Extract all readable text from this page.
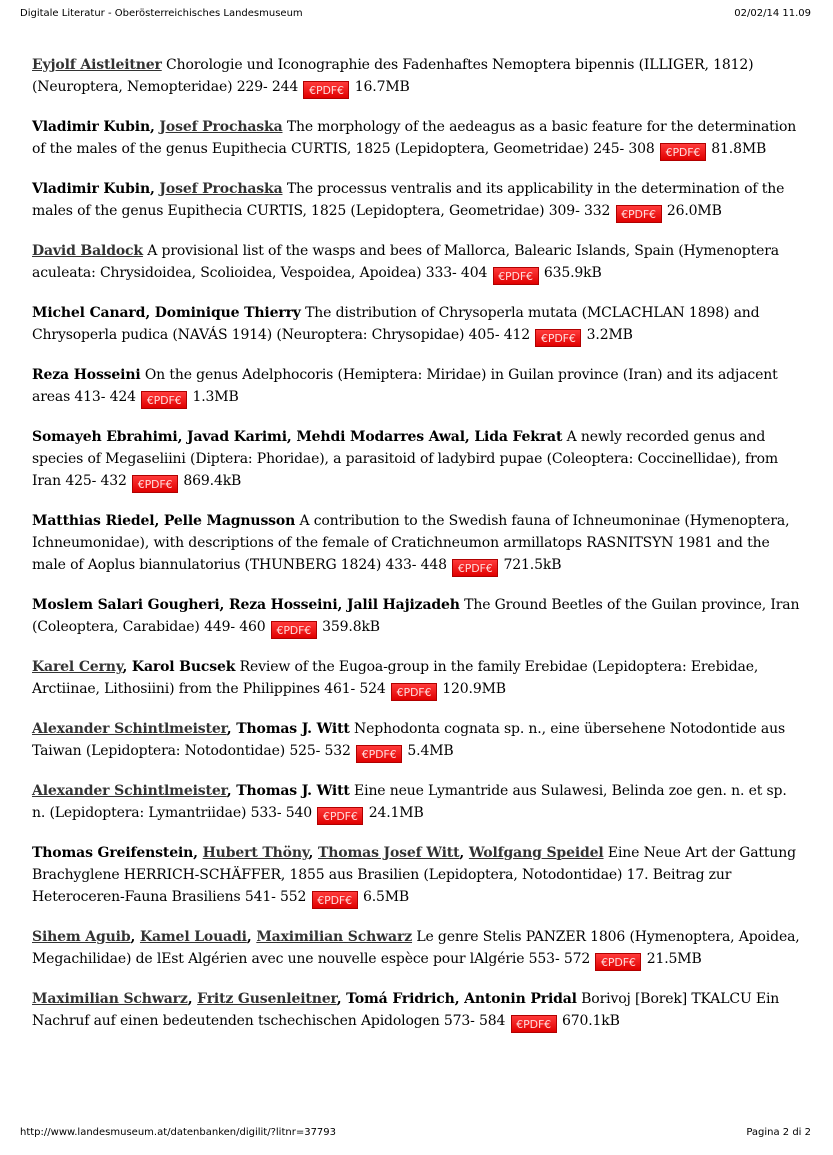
Digitale Literatur - Oberösterreichisches Landesmuseum	02/02/14 11.09

Eyjolf Aistleitner Chorologie und Iconographie des Fadenhaftes Nemoptera bipennis (ILLIGER, 1812) (Neuroptera, Nemopteridae) 229- 244 €PDF€ 16.7MB

Vladimir Kubin, Josef Prochaska The morphology of the aedeagus as a basic feature for the determination of the males of the genus Eupithecia CURTIS, 1825 (Lepidoptera, Geometridae) 245- 308 €PDF€ 81.8MB

Vladimir Kubin, Josef Prochaska The processus ventralis and its applicability in the determination of the males of the genus Eupithecia CURTIS, 1825 (Lepidoptera, Geometridae) 309- 332 €PDF€ 26.0MB

David Baldock A provisional list of the wasps and bees of Mallorca, Balearic Islands, Spain (Hymenoptera aculeata: Chrysidoidea, Scolioidea, Vespoidea, Apoidea) 333- 404 €PDF€ 635.9kB

Michel Canard, Dominique Thierry The distribution of Chrysoperla mutata (MCLACHLAN 1898) and Chrysoperla pudica (NAVÁS 1914) (Neuroptera: Chrysopidae) 405- 412 €PDF€ 3.2MB

Reza Hosseini On the genus Adelphocoris (Hemiptera: Miridae) in Guilan province (Iran) and its adjacent areas 413- 424 €PDF€ 1.3MB

Somayeh Ebrahimi, Javad Karimi, Mehdi Modarres Awal, Lida Fekrat A newly recorded genus and species of Megaseliini (Diptera: Phoridae), a parasitoid of ladybird pupae (Coleoptera: Coccinellidae), from Iran 425- 432 €PDF€ 869.4kB

Matthias Riedel, Pelle Magnusson A contribution to the Swedish fauna of Ichneumoninae (Hymenoptera, Ichneumonidae), with descriptions of the female of Cratichneumon armillatops RASNITSYN 1981 and the male of Aoplus biannulatorius (THUNBERG 1824) 433- 448 €PDF€ 721.5kB

Moslem Salari Gougheri, Reza Hosseini, Jalil Hajizadeh The Ground Beetles of the Guilan province, Iran (Coleoptera, Carabidae) 449- 460 €PDF€ 359.8kB

Karel Cerny, Karol Bucsek Review of the Eugoa-group in the family Erebidae (Lepidoptera: Erebidae, Arctiinae, Lithosiini) from the Philippines 461- 524 €PDF€ 120.9MB

Alexander Schintlmeister, Thomas J. Witt Nephodonta cognata sp. n., eine übersehene Notodontide aus Taiwan (Lepidoptera: Notodontidae) 525- 532 €PDF€ 5.4MB

Alexander Schintlmeister, Thomas J. Witt Eine neue Lymantride aus Sulawesi, Belinda zoe gen. n. et sp. n. (Lepidoptera: Lymantriidae) 533- 540 €PDF€ 24.1MB

Thomas Greifenstein, Hubert Thöny, Thomas Josef Witt, Wolfgang Speidel Eine Neue Art der Gattung Brachyglene HERRICH-SCHÄFFER, 1855 aus Brasilien (Lepidoptera, Notodontidae) 17. Beitrag zur Heteroceren-Fauna Brasiliens 541- 552 €PDF€ 6.5MB

Sihem Aguib, Kamel Louadi, Maximilian Schwarz Le genre Stelis PANZER 1806 (Hymenoptera, Apoidea, Megachilidae) de lEst Algérien avec une nouvelle espèce pour lAlgérie 553- 572 €PDF€ 21.5MB

Maximilian Schwarz, Fritz Gusenleitner, Tomá Fridrich, Antonin Pridal Borivoj [Borek] TKALCU Ein Nachruf auf einen bedeutenden tschechischen Apidologen 573- 584 €PDF€ 670.1kB

http://www.landesmuseum.at/datenbanken/digilit/?litnr=37793	Pagina 2 di 2
